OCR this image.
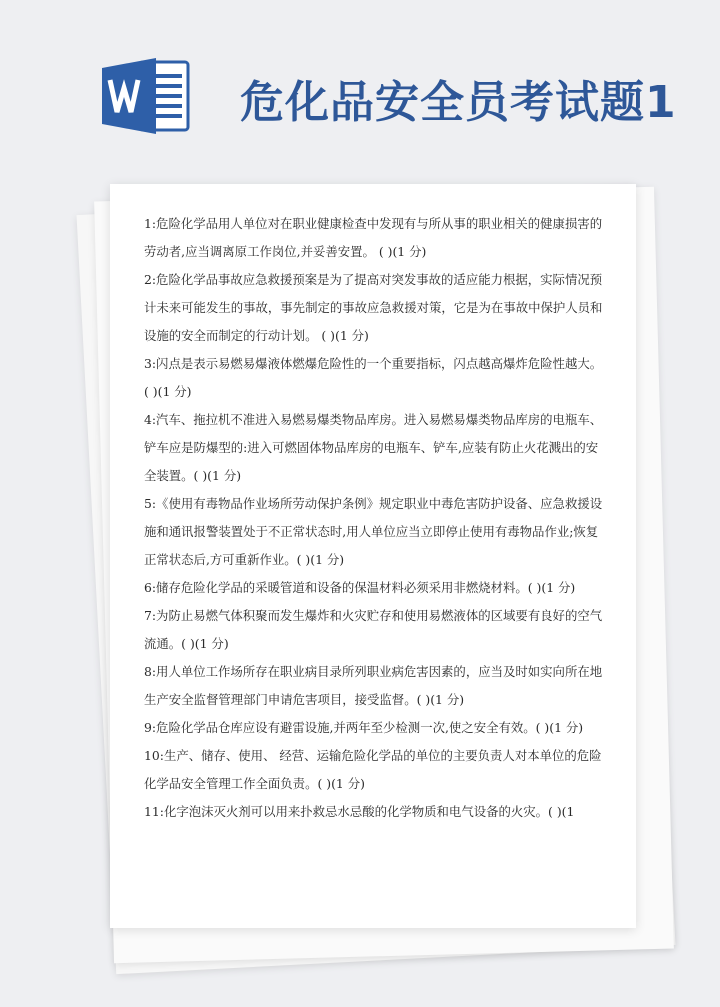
危化品安全员考试题1

1:危险化学品用人单位对在职业健康检查中发现有与所从事的职业相关的健康损害的劳动者,应当调离原工作岗位,并妥善安置。 ( )(1 分)

2:危险化学品事故应急救援预案是为了提高对突发事故的适应能力根据，实际情况预计未来可能发生的事故，事先制定的事故应急救援对策，它是为在事故中保护人员和设施的安全而制定的行动计划。 ( )(1 分)

3:闪点是表示易燃易爆液体燃爆危险性的一个重要指标，闪点越高爆炸危险性越大。( )(1 分)

4:汽车、拖拉机不准进入易燃易爆类物品库房。进入易燃易爆类物品库房的电瓶车、铲车应是防爆型的:进入可燃固体物品库房的电瓶车、铲车,应装有防止火花溅出的安全装置。( )(1 分)

5:《使用有毒物品作业场所劳动保护条例》规定职业中毒危害防护设备、应急救援设施和通讯报警装置处于不正常状态时,用人单位应当立即停止使用有毒物品作业;恢复正常状态后,方可重新作业。( )(1 分)

6:储存危险化学品的采暖管道和设备的保温材料必须采用非燃烧材料。( )(1 分)

7:为防止易燃气体积聚而发生爆炸和火灾贮存和使用易燃液体的区域要有良好的空气流通。( )(1 分)

8:用人单位工作场所存在职业病目录所列职业病危害因素的，应当及时如实向所在地生产安全监督管理部门申请危害项目，接受监督。( )(1 分)

9:危险化学品仓库应设有避雷设施,并两年至少检测一次,使之安全有效。( )(1 分)

10:生产、储存、使用、 经营、运输危险化学品的单位的主要负责人对本单位的危险化学品安全管理工作全面负责。( )(1 分)

11:化字泡沫灭火剂可以用来扑救忌水忌酸的化学物质和电气设备的火灾。( )(1
